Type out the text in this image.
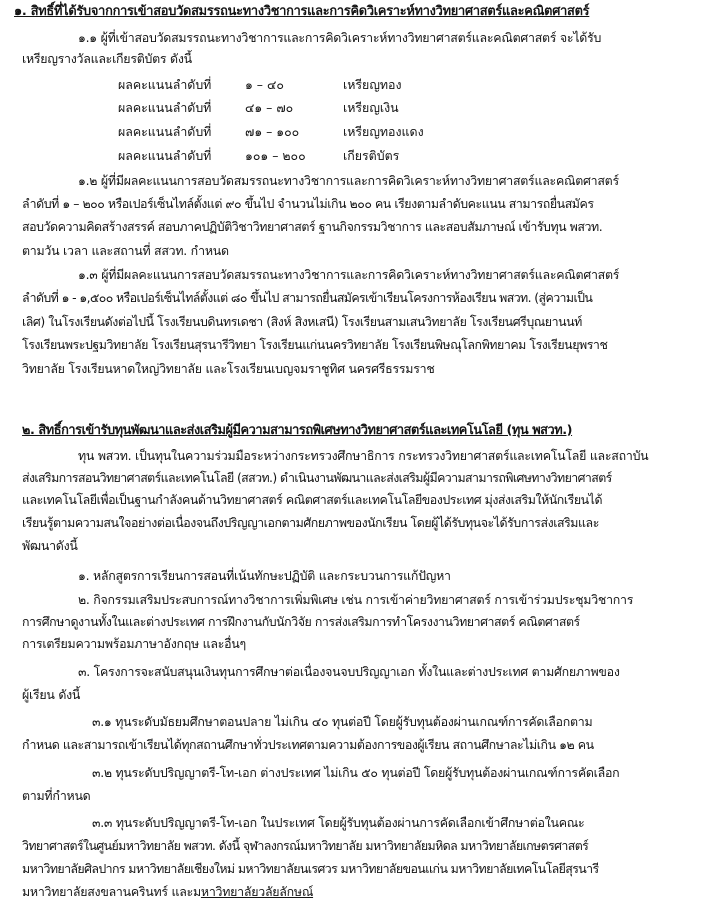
๑. สิทธิ์ที่ได้รับจากการเข้าสอบวัดสมรรถนะทางวิชาการและการคิดวิเคราะห์ทางวิทยาศาสตร์และคณิตศาสตร์
๑.๑ ผู้ที่เข้าสอบวัดสมรรถนะทางวิชาการและการคิดวิเคราะห์ทางวิทยาศาสตร์และคณิตศาสตร์ จะได้รับ
เหรียญรางวัลและเกียรติบัตร ดังนี้
ผลคะแนนลำดับที่	๑ – ๔๐	เหรียญทอง
ผลคะแนนลำดับที่	๔๑ – ๗๐	เหรียญเงิน
ผลคะแนนลำดับที่	๗๑ – ๑๐๐	เหรียญทองแดง
ผลคะแนนลำดับที่	๑๐๑ – ๒๐๐	เกียรติบัตร
๑.๒ ผู้ที่มีผลคะแนนการสอบวัดสมรรถนะทางวิชาการและการคิดวิเคราะห์ทางวิทยาศาสตร์และคณิตศาสตร์
ลำดับที่ ๑ – ๒๐๐ หรือเปอร์เซ็นไทล์ตั้งแต่ ๙๐ ขึ้นไป จำนวนไม่เกิน ๒๐๐ คน เรียงตามลำดับคะแนน สามารถยื่นสมัคร
สอบวัดความคิดสร้างสรรค์ สอบภาคปฏิบัติวิชาวิทยาศาสตร์ ฐานกิจกรรมวิชาการ และสอบสัมภาษณ์ เข้ารับทุน พสวท.
ตามวัน เวลา และสถานที่ สสวท. กำหนด
๑.๓ ผู้ที่มีผลคะแนนการสอบวัดสมรรถนะทางวิชาการและการคิดวิเคราะห์ทางวิทยาศาสตร์และคณิตศาสตร์
ลำดับที่ ๑ - ๑,๕๐๐ หรือเปอร์เซ็นไทล์ตั้งแต่ ๘๐ ขึ้นไป สามารถยื่นสมัครเข้าเรียนโครงการห้องเรียน พสวท. (สู่ความเป็น
เลิศ) ในโรงเรียนดังต่อไปนี้ โรงเรียนบดินทรเดชา (สิงห์ สิงหเสนี) โรงเรียนสามเสนวิทยาลัย โรงเรียนศรีบุณยานนท์
โรงเรียนพระปฐมวิทยาลัย โรงเรียนสุรนารีวิทยา โรงเรียนแก่นนครวิทยาลัย โรงเรียนพิษณุโลกพิทยาคม โรงเรียนยุพราช
วิทยาลัย โรงเรียนหาดใหญ่วิทยาลัย และโรงเรียนเบญจมราชูทิศ นครศรีธรรมราช
๒. สิทธิ์การเข้ารับทุนพัฒนาและส่งเสริมผู้มีความสามารถพิเศษทางวิทยาศาสตร์และเทคโนโลยี (ทุน พสวท.)
ทุน พสวท. เป็นทุนในความร่วมมือระหว่างกระทรวงศึกษาธิการ กระทรวงวิทยาศาสตร์และเทคโนโลยี และสถาบัน
ส่งเสริมการสอนวิทยาศาสตร์และเทคโนโลยี (สสวท.) ดำเนินงานพัฒนาและส่งเสริมผู้มีความสามารถพิเศษทางวิทยาศาสตร์
และเทคโนโลยีเพื่อเป็นฐานกำลังคนด้านวิทยาศาสตร์ คณิตศาสตร์และเทคโนโลยีของประเทศ มุ่งส่งเสริมให้นักเรียนได้
เรียนรู้ตามความสนใจอย่างต่อเนื่องจนถึงปริญญาเอกตามศักยภาพของนักเรียน โดยผู้ได้รับทุนจะได้รับการส่งเสริมและ
พัฒนาดังนี้
๑. หลักสูตรการเรียนการสอนที่เน้นทักษะปฏิบัติ และกระบวนการแก้ปัญหา
๒. กิจกรรมเสริมประสบการณ์ทางวิชาการเพิ่มพิเศษ เช่น การเข้าค่ายวิทยาศาสตร์ การเข้าร่วมประชุมวิชาการ
การศึกษาดูงานทั้งในและต่างประเทศ การฝึกงานกับนักวิจัย การส่งเสริมการทำโครงงานวิทยาศาสตร์ คณิตศาสตร์
การเตรียมความพร้อมภาษาอังกฤษ และอื่นๆ
๓. โครงการจะสนับสนุนเงินทุนการศึกษาต่อเนื่องจนจบปริญญาเอก ทั้งในและต่างประเทศ ตามศักยภาพของ
ผู้เรียน ดังนี้
๓.๑ ทุนระดับมัธยมศึกษาตอนปลาย ไม่เกิน ๔๐ ทุนต่อปี โดยผู้รับทุนต้องผ่านเกณฑ์การคัดเลือกตาม
กำหนด และสามารถเข้าเรียนได้ทุกสถานศึกษาทั่วประเทศตามความต้องการของผู้เรียน สถานศึกษาละไม่เกิน ๑๒ คน
๓.๒ ทุนระดับปริญญาตรี-โท-เอก ต่างประเทศ ไม่เกิน ๕๐ ทุนต่อปี โดยผู้รับทุนต้องผ่านเกณฑ์การคัดเลือก
ตามที่กำหนด
๓.๓ ทุนระดับปริญญาตรี-โท-เอก ในประเทศ โดยผู้รับทุนต้องผ่านการคัดเลือกเข้าศึกษาต่อในคณะ
วิทยาศาสตร์ในศูนย์มหาวิทยาลัย พสวท. ดังนี้ จุฬาลงกรณ์มหาวิทยาลัย มหาวิทยาลัยมหิดล มหาวิทยาลัยเกษตรศาสตร์
มหาวิทยาลัยศิลปากร มหาวิทยาลัยเชียงใหม่ มหาวิทยาลัยนเรศวร มหาวิทยาลัยขอนแก่น มหาวิทยาลัยเทคโนโลยีสุรนารี
มหาวิทยาลัยสงขลานครินทร์ และมหาวิทยาลัยวลัยลักษณ์
